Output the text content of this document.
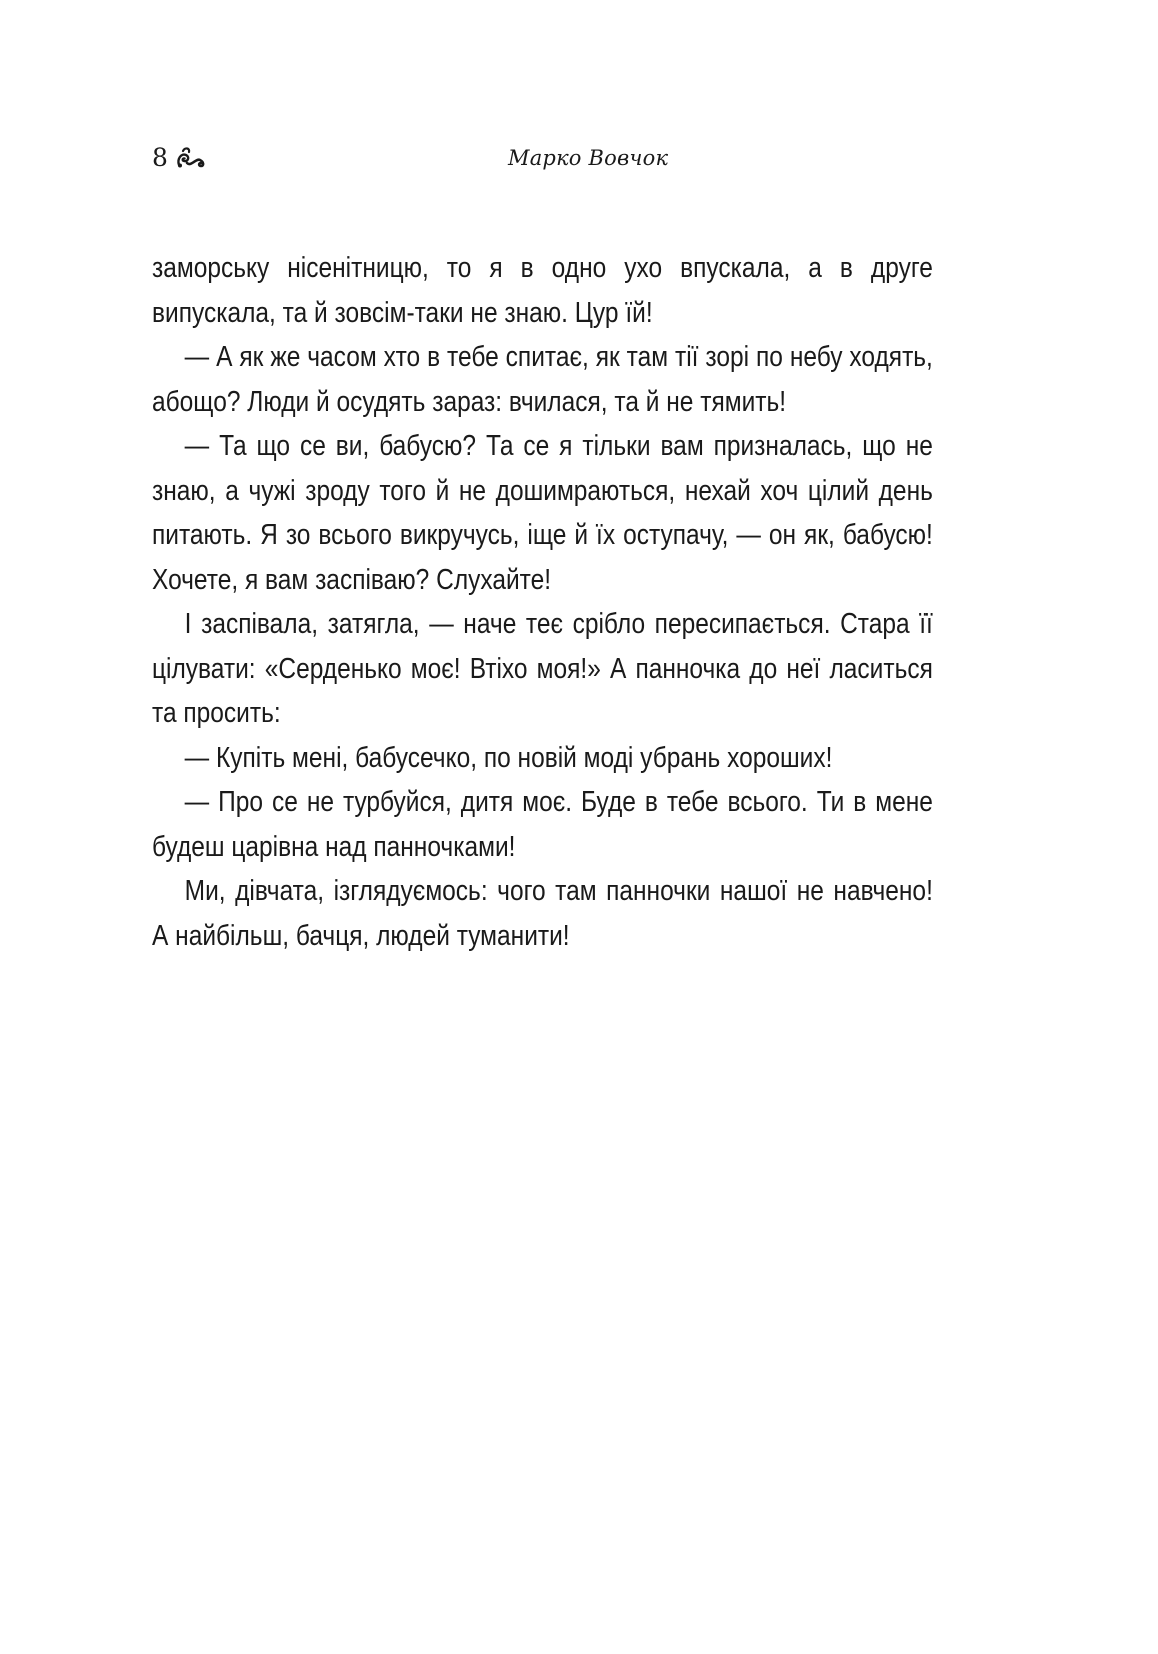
8	Марко Вовчок

заморську нісенітницю, то я в одно ухо впускала, а в друге випускала, та й зовсім-таки не знаю. Цур їй!

— А як же часом хто в тебе спитає, як там тії зорі по небу ходять, абощо? Люди й осудять зараз: вчилася, та й не тямить!

— Та що се ви, бабусю? Та се я тільки вам призналась, що не знаю, а чужі зроду того й не дошимраються, нехай хоч цілий день питають. Я зо всього викручусь, іще й їх оступачу, — он як, бабусю! Хочете, я вам заспіваю? Слухайте!

І заспівала, затягла, — наче теє срібло пересипається. Стара її цілувати: «Серденько моє! Втіхо моя!» А панночка до неї ласиться та просить:

— Купіть мені, бабусечко, по новій моді убрань хороших!

— Про се не турбуйся, дитя моє. Буде в тебе всього. Ти в мене будеш царівна над панночками!

Ми, дівчата, ізглядуємось: чого там панночки нашої не навчено! А найбільш, бачця, людей туманити!
